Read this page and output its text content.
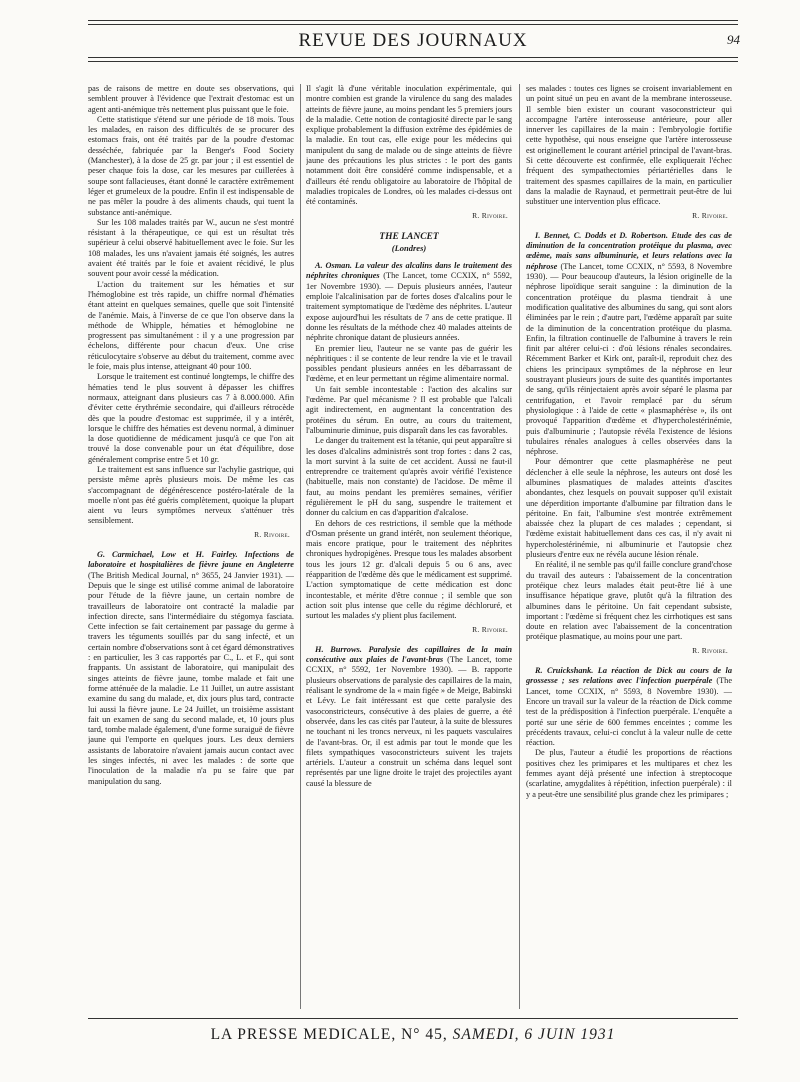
REVUE DES JOURNAUX	94

pas de raisons de mettre en doute ses observations, qui semblent prouver à l'évidence que l'extrait d'estomac est un agent anti-anémique très nettement plus puissant que le foie.

Cette statistique s'étend sur une période de 18 mois. Tous les malades, en raison des difficultés de se procurer des estomacs frais, ont été traités par de la poudre d'estomac desséchée, fabriquée par la Benger's Food Society (Manchester), à la dose de 25 gr. par jour ; il est essentiel de peser chaque fois la dose, car les mesures par cuillerées à soupe sont fallacieuses, étant donné le caractère extrêmement léger et grumeleux de la poudre. Enfin il est indispensable de ne pas mêler la poudre à des aliments chauds, qui tuent la substance anti-anémique.

Sur les 108 malades traités par W., aucun ne s'est montré résistant à la thérapeutique, ce qui est un résultat très supérieur à celui observé habituellement avec le foie. Sur les 108 malades, les uns n'avaient jamais été soignés, les autres avaient été traités par le foie et avaient récidivé, le plus souvent pour avoir cessé la médication.

L'action du traitement sur les hématies et sur l'hémoglobine est très rapide, un chiffre normal d'hématies étant atteint en quelques semaines, quelle que soit l'intensité de l'anémie. Mais, à l'inverse de ce que l'on observe dans la méthode de Whipple, hématies et hémoglobine ne progressent pas simultanément : il y a une progression par échelons, différente pour chacun d'eux. Une crise réticulocytaire s'observe au début du traitement, comme avec le foie, mais plus intense, atteignant 40 pour 100.

Lorsque le traitement est continué longtemps, le chiffre des hématies tend le plus souvent à dépasser les chiffres normaux, atteignant dans plusieurs cas 7 à 8.000.000. Afin d'éviter cette érythrémie secondaire, qui d'ailleurs rétrocède dès que la poudre d'estomac est supprimée, il y a intérêt, lorsque le chiffre des hématies est devenu normal, à diminuer la dose quotidienne de médicament jusqu'à ce que l'on ait trouvé la dose convenable pour un état d'équilibre, dose généralement comprise entre 5 et 10 gr.

Le traitement est sans influence sur l'achylie gastrique, qui persiste même après plusieurs mois. De même les cas s'accompagnant de dégénérescence postéro-latérale de la moelle n'ont pas été guéris complètement, quoique la plupart aient vu leurs symptômes nerveux s'atténuer très sensiblement.

R. Rivoire.

G. Carmichael, Low et H. Fairley. Infections de laboratoire et hospitalières de fièvre jaune en Angleterre (The British Medical Journal, n° 3655, 24 Janvier 1931). — Depuis que le singe est utilisé comme animal de laboratoire pour l'étude de la fièvre jaune, un certain nombre de travailleurs de laboratoire ont contracté la maladie par infection directe, sans l'intermédiaire du stégomya fasciata. Cette infection se fait certainement par passage du germe à travers les téguments souillés par du sang infecté, et un certain nombre d'observations sont à cet égard démonstratives : en particulier, les 3 cas rapportés par C., L. et F., qui sont frappants. Un assistant de laboratoire, qui manipulait des singes atteints de fièvre jaune, tombe malade et fait une forme atténuée de la maladie. Le 11 Juillet, un autre assistant examine du sang du malade, et, dix jours plus tard, contracte lui aussi la fièvre jaune. Le 24 Juillet, un troisième assistant fait un examen de sang du second malade, et, 10 jours plus tard, tombe malade également, d'une forme suraiguë de fièvre jaune qui l'emporte en quelques jours. Les deux derniers assistants de laboratoire n'avaient jamais aucun contact avec les singes infectés, ni avec les malades : de sorte que l'inoculation de la maladie n'a pu se faire que par manipulation du sang.

Il s'agit là d'une véritable inoculation expérimentale, qui montre combien est grande la virulence du sang des malades atteints de fièvre jaune, au moins pendant les 5 premiers jours de la maladie. Cette notion de contagiosité directe par le sang explique probablement la diffusion extrême des épidémies de la maladie. En tout cas, elle exige pour les médecins qui manipulent du sang de malade ou de singe atteints de fièvre jaune des précautions les plus strictes : le port des gants notamment doit être considéré comme indispensable, et a d'ailleurs été rendu obligatoire au laboratoire de l'hôpital de maladies tropicales de Londres, où les malades ci-dessus ont été contaminés.

R. Rivoire.
THE LANCET
(Londres)

A. Osman. La valeur des alcalins dans le traitement des néphrites chroniques (The Lancet, tome CCXIX, n° 5592, 1er Novembre 1930). — Depuis plusieurs années, l'auteur emploie l'alcalinisation par de fortes doses d'alcalins pour le traitement symptomatique de l'œdème des néphrites. L'auteur expose aujourd'hui les résultats de 7 ans de cette pratique. Il donne les résultats de la méthode chez 40 malades atteints de néphrite chronique datant de plusieurs années.

En premier lieu, l'auteur ne se vante pas de guérir les néphritiques : il se contente de leur rendre la vie et le travail possibles pendant plusieurs années en les débarrassant de l'œdème, et en leur permettant un régime alimentaire normal.

Un fait semble incontestable : l'action des alcalins sur l'œdème. Par quel mécanisme ? Il est probable que l'alcali agit indirectement, en augmentant la concentration des protéines du sérum. En outre, au cours du traitement, l'albuminurie diminue, puis disparaît dans les cas favorables.

Le danger du traitement est la tétanie, qui peut apparaître si les doses d'alcalins administrés sont trop fortes : dans 2 cas, la mort survint à la suite de cet accident. Aussi ne faut-il entreprendre ce traitement qu'après avoir vérifié l'existence (habituelle, mais non constante) de l'acidose. De même il faut, au moins pendant les premières semaines, vérifier régulièrement le pH du sang, suspendre le traitement et donner du calcium en cas d'apparition d'alcalose.

En dehors de ces restrictions, il semble que la méthode d'Osman présente un grand intérêt, non seulement théorique, mais encore pratique, pour le traitement des néphrites chroniques hydropigènes. Presque tous les malades absorbent tous les jours 12 gr. d'alcali depuis 5 ou 6 ans, avec réapparition de l'œdème dès que le médicament est supprimé. L'action symptomatique de cette médication est donc incontestable, et mérite d'être connue ; il semble que son action soit plus intense que celle du régime déchloruré, et surtout les malades s'y plient plus facilement.

R. Rivoire.

H. Burrows. Paralysie des capillaires de la main consécutive aux plaies de l'avant-bras (The Lancet, tome CCXIX, n° 5592, 1er Novembre 1930). — B. rapporte plusieurs observations de paralysie des capillaires de la main, réalisant le syndrome de la « main figée » de Meige, Babinski et Lévy. Le fait intéressant est que cette paralysie des vasoconstricteurs, consécutive à des plaies de guerre, a été observée, dans les cas cités par l'auteur, à la suite de blessures ne touchant ni les troncs nerveux, ni les paquets vasculaires de l'avant-bras. Or, il est admis par tout le monde que les filets sympathiques vasoconstricteurs suivent les trajets artériels. L'auteur a construit un schéma dans lequel sont représentés par une ligne droite le trajet des projectiles ayant causé la blessure de

ses malades : toutes ces lignes se croisent invariablement en un point situé un peu en avant de la membrane interosseuse. Il semble bien exister un courant vasoconstricteur qui accompagne l'artère interosseuse antérieure, pour aller innerver les capillaires de la main : l'embryologie fortifie cette hypothèse, qui nous enseigne que l'artère interosseuse est originellement le courant artériel principal de l'avant-bras. Si cette découverte est confirmée, elle expliquerait l'échec fréquent des sympathectomies périartérielles dans le traitement des spasmes capillaires de la main, en particulier dans la maladie de Raynaud, et permettrait peut-être de lui substituer une intervention plus efficace.

R. Rivoire.

I. Bennet, C. Dodds et D. Robertson. Etude des cas de diminution de la concentration protéique du plasma, avec œdème, mais sans albuminurie, et leurs relations avec la néphrose (The Lancet, tome CCXIX, n° 5593, 8 Novembre 1930). — Pour beaucoup d'auteurs, la lésion originelle de la néphrose lipoïdique serait sanguine : la diminution de la concentration protéique du plasma tiendrait à une modification qualitative des albumines du sang, qui sont alors éliminées par le rein ; d'autre part, l'œdème apparaît par suite de la diminution de la concentration protéique du plasma. Enfin, la filtration continuelle de l'albumine à travers le rein finit par altérer celui-ci : d'où lésions rénales secondaires. Récemment Barker et Kirk ont, paraît-il, reproduit chez des chiens les principaux symptômes de la néphrose en leur soustrayant plusieurs jours de suite des quantités importantes de sang, qu'ils réinjectaient après avoir séparé le plasma par centrifugation, et l'avoir remplacé par du sérum physiologique : à l'aide de cette « plasmaphérèse », ils ont provoqué l'apparition d'œdème et d'hypercholestérinémie, puis d'albuminurie ; l'autopsie révéla l'existence de lésions tubulaires rénales analogues à celles observées dans la néphrose.

Pour démontrer que cette plasmaphérèse ne peut déclencher à elle seule la néphrose, les auteurs ont dosé les albumines plasmatiques de malades atteints d'ascites abondantes, chez lesquels on pouvait supposer qu'il existait une déperdition importante d'albumine par filtration dans le péritoine. En fait, l'albumine s'est montrée extrêmement abaissée chez la plupart de ces malades ; cependant, si l'œdème existait habituellement dans ces cas, il n'y avait ni hypercholestérinémie, ni albuminurie et l'autopsie chez plusieurs d'entre eux ne révéla aucune lésion rénale.

En réalité, il ne semble pas qu'il faille conclure grand'chose du travail des auteurs : l'abaissement de la concentration protéique chez leurs malades était peut-être lié à une insuffisance hépatique grave, plutôt qu'à la filtration des albumines dans le péritoine. Un fait cependant subsiste, important : l'œdème si fréquent chez les cirrhotiques est sans doute en relation avec l'abaissement de la concentration protéique plasmatique, au moins pour une part.

R. Rivoire.

R. Cruickshank. La réaction de Dick au cours de la grossesse ; ses relations avec l'infection puerpérale (The Lancet, tome CCXIX, n° 5593, 8 Novembre 1930). — Encore un travail sur la valeur de la réaction de Dick comme test de la prédisposition à l'infection puerpérale. L'enquête a porté sur une série de 600 femmes enceintes ; comme les précédents travaux, celui-ci conclut à la valeur nulle de cette réaction.

De plus, l'auteur a étudié les proportions de réactions positives chez les primipares et les multipares et chez les femmes ayant déjà présenté une infection à streptocoque (scarlatine, amygdalites à répétition, infection puerpérale) : il y a peut-être une sensibilité plus grande chez les primipares ;

LA PRESSE MEDICALE, N° 45, SAMEDI, 6 JUIN 1931
